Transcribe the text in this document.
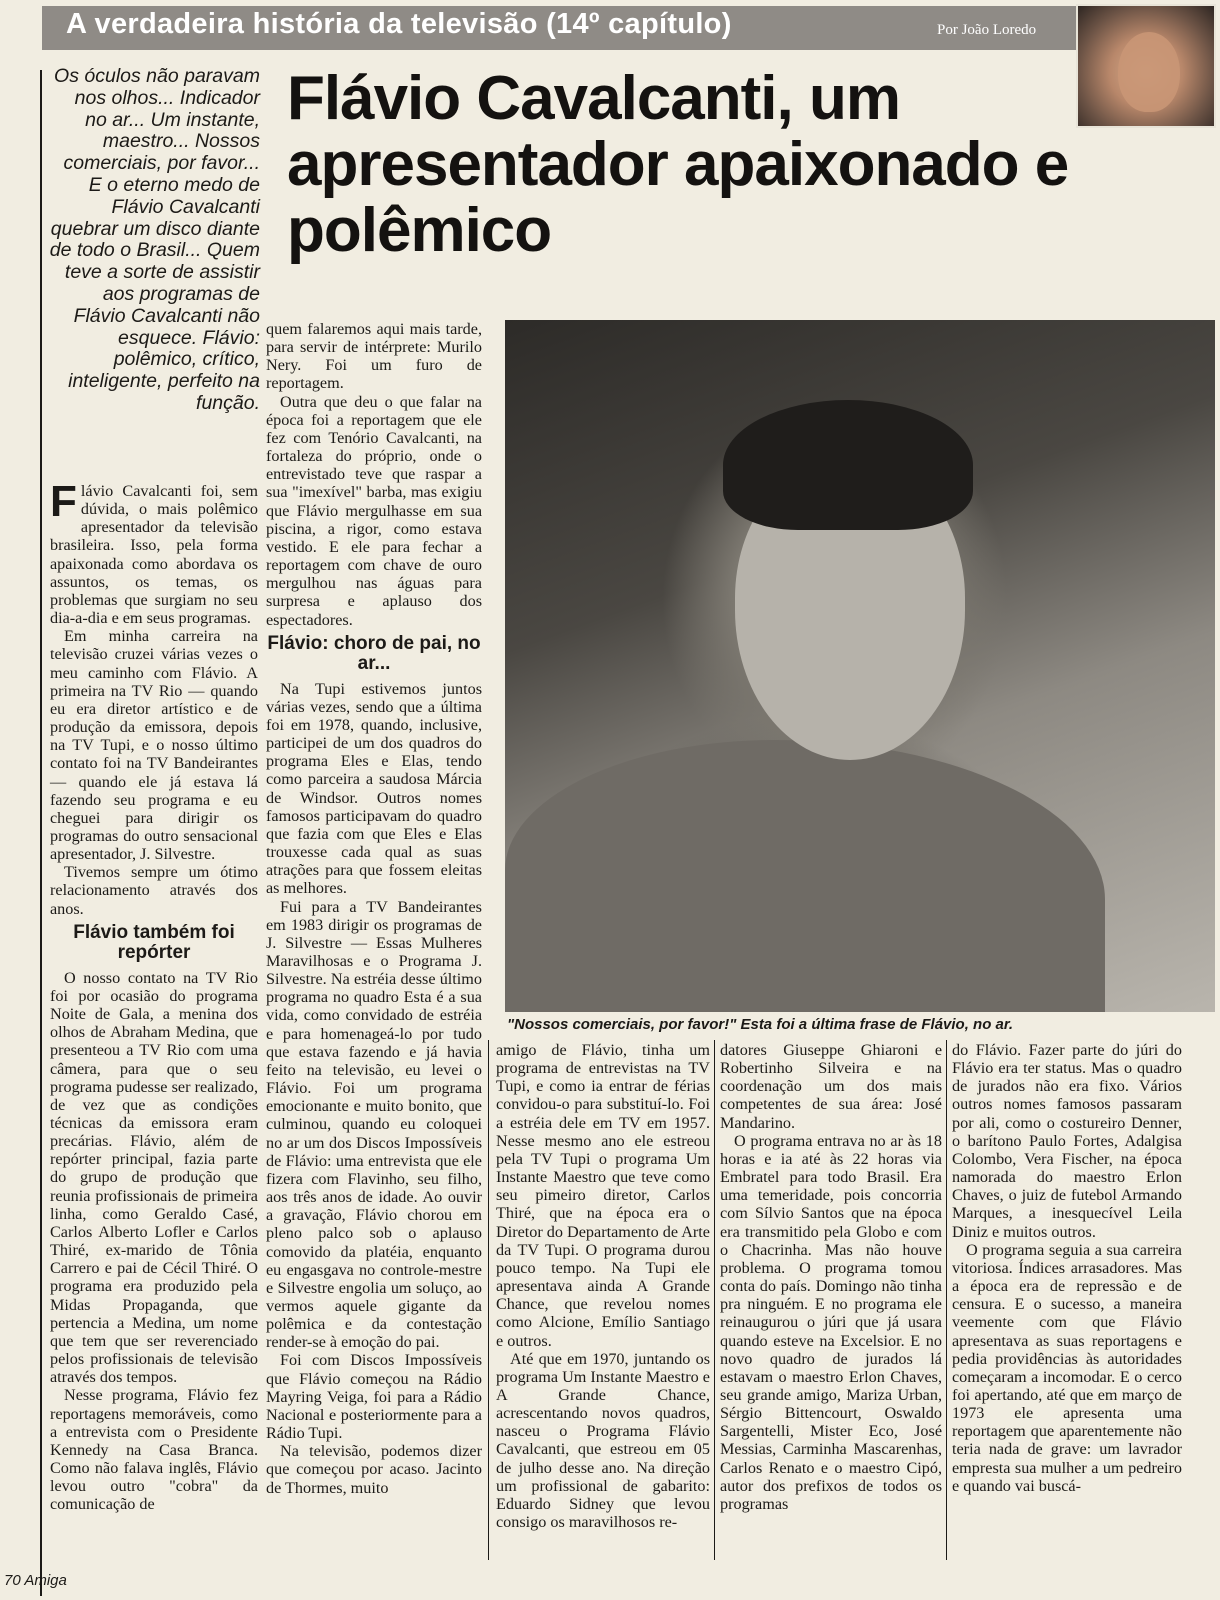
A verdadeira história da televisão (14º capítulo)	Por João Loredo
Os óculos não paravam nos olhos... Indicador no ar... Um instante, maestro... Nossos comerciais, por favor... E o eterno medo de Flávio Cavalcanti quebrar um disco diante de todo o Brasil... Quem teve a sorte de assistir aos programas de Flávio Cavalcanti não esquece. Flávio: polêmico, crítico, inteligente, perfeito na função.
Flávio Cavalcanti, um apresentador apaixonado e polêmico
F lávio Cavalcanti foi, sem dúvida, o mais polêmico apresentador da televisão brasileira. Isso, pela forma apaixonada como abordava os assuntos, os temas, os problemas que surgiam no seu dia-a-dia e em seus programas.

Em minha carreira na televisão cruzei várias vezes o meu caminho com Flávio. A primeira na TV Rio — quando eu era diretor artístico e de produção da emissora, depois na TV Tupi, e o nosso último contato foi na TV Bandeirantes — quando ele já estava lá fazendo seu programa e eu cheguei para dirigir os programas do outro sensacional apresentador, J. Silvestre.

Tivemos sempre um ótimo relacionamento através dos anos.

Flávio também foi repórter

O nosso contato na TV Rio foi por ocasião do programa Noite de Gala, a menina dos olhos de Abraham Medina, que presenteou a TV Rio com uma câmera, para que o seu programa pudesse ser realizado, de vez que as condições técnicas da emissora eram precárias. Flávio, além de repórter principal, fazia parte do grupo de produção que reunia profissionais de primeira linha, como Geraldo Casé, Carlos Alberto Lofler e Carlos Thiré, ex-marido de Tônia Carrero e pai de Cécil Thiré. O programa era produzido pela Midas Propaganda, que pertencia a Medina, um nome que tem que ser reverenciado pelos profissionais de televisão através dos tempos.

Nesse programa, Flávio fez reportagens memoráveis, como a entrevista com o Presidente Kennedy na Casa Branca. Como não falava inglês, Flávio levou outro "cobra" da comunicação de

quem falaremos aqui mais tarde, para servir de intérprete: Murilo Nery. Foi um furo de reportagem.

Outra que deu o que falar na época foi a reportagem que ele fez com Tenório Cavalcanti, na fortaleza do próprio, onde o entrevistado teve que raspar a sua "imexível" barba, mas exigiu que Flávio mergulhasse em sua piscina, a rigor, como estava vestido. E ele para fechar a reportagem com chave de ouro mergulhou nas águas para surpresa e aplauso dos espectadores.

Flávio: choro de pai, no ar...

Na Tupi estivemos juntos várias vezes, sendo que a última foi em 1978, quando, inclusive, participei de um dos quadros do programa Eles e Elas, tendo como parceira a saudosa Márcia de Windsor. Outros nomes famosos participavam do quadro que fazia com que Eles e Elas trouxesse cada qual as suas atrações para que fossem eleitas as melhores.

Fui para a TV Bandeirantes em 1983 dirigir os programas de J. Silvestre — Essas Mulheres Maravilhosas e o Programa J. Silvestre. Na estréia desse último programa no quadro Esta é a sua vida, como convidado de estréia e para homenageá-lo por tudo que estava fazendo e já havia feito na televisão, eu levei o Flávio. Foi um programa emocionante e muito bonito, que culminou, quando eu coloquei no ar um dos Discos Impossíveis de Flávio: uma entrevista que ele fizera com Flavinho, seu filho, aos três anos de idade. Ao ouvir a gravação, Flávio chorou em pleno palco sob o aplauso comovido da platéia, enquanto eu engasgava no controle-mestre e Silvestre engolia um soluço, ao vermos aquele gigante da polêmica e da contestação render-se à emoção do pai.

Foi com Discos Impossíveis que Flávio começou na Rádio Mayring Veiga, foi para a Rádio Nacional e posteriormente para a Rádio Tupi.

Na televisão, podemos dizer que começou por acaso. Jacinto de Thormes, muito

"Nossos comerciais, por favor!" Esta foi a última frase de Flávio, no ar.

amigo de Flávio, tinha um programa de entrevistas na TV Tupi, e como ia entrar de férias convidou-o para substituí-lo. Foi a estréia dele em TV em 1957. Nesse mesmo ano ele estreou pela TV Tupi o programa Um Instante Maestro que teve como seu pimeiro diretor, Carlos Thiré, que na época era o Diretor do Departamento de Arte da TV Tupi. O programa durou pouco tempo. Na Tupi ele apresentava ainda A Grande Chance, que revelou nomes como Alcione, Emílio Santiago e outros.

Até que em 1970, juntando os programa Um Instante Maestro e A Grande Chance, acrescentando novos quadros, nasceu o Programa Flávio Cavalcanti, que estreou em 05 de julho desse ano. Na direção um profissional de gabarito: Eduardo Sidney que levou consigo os maravilhosos re-

datores Giuseppe Ghiaroni e Robertinho Silveira e na coordenação um dos mais competentes de sua área: José Mandarino.

O programa entrava no ar às 18 horas e ia até às 22 horas via Embratel para todo Brasil. Era uma temeridade, pois concorria com Sílvio Santos que na época era transmitido pela Globo e com o Chacrinha. Mas não houve problema. O programa tomou conta do país. Domingo não tinha pra ninguém. E no programa ele reinaugurou o júri que já usara quando esteve na Excelsior. E no novo quadro de jurados lá estavam o maestro Erlon Chaves, seu grande amigo, Mariza Urban, Sérgio Bittencourt, Oswaldo Sargentelli, Mister Eco, José Messias, Carminha Mascarenhas, Carlos Renato e o maestro Cipó, autor dos prefixos de todos os programas

do Flávio. Fazer parte do júri do Flávio era ter status. Mas o quadro de jurados não era fixo. Vários outros nomes famosos passaram por ali, como o costureiro Denner, o barítono Paulo Fortes, Adalgisa Colombo, Vera Fischer, na época namorada do maestro Erlon Chaves, o juiz de futebol Armando Marques, a inesquecível Leila Diniz e muitos outros.

O programa seguia a sua carreira vitoriosa. Índices arrasadores. Mas a época era de repressão e de censura. E o sucesso, a maneira veemente com que Flávio apresentava as suas reportagens e pedia providências às autoridades começaram a incomodar. E o cerco foi apertando, até que em março de 1973 ele apresenta uma reportagem que aparentemente não teria nada de grave: um lavrador empresta sua mulher a um pedreiro e quando vai buscá-

70 Amiga
